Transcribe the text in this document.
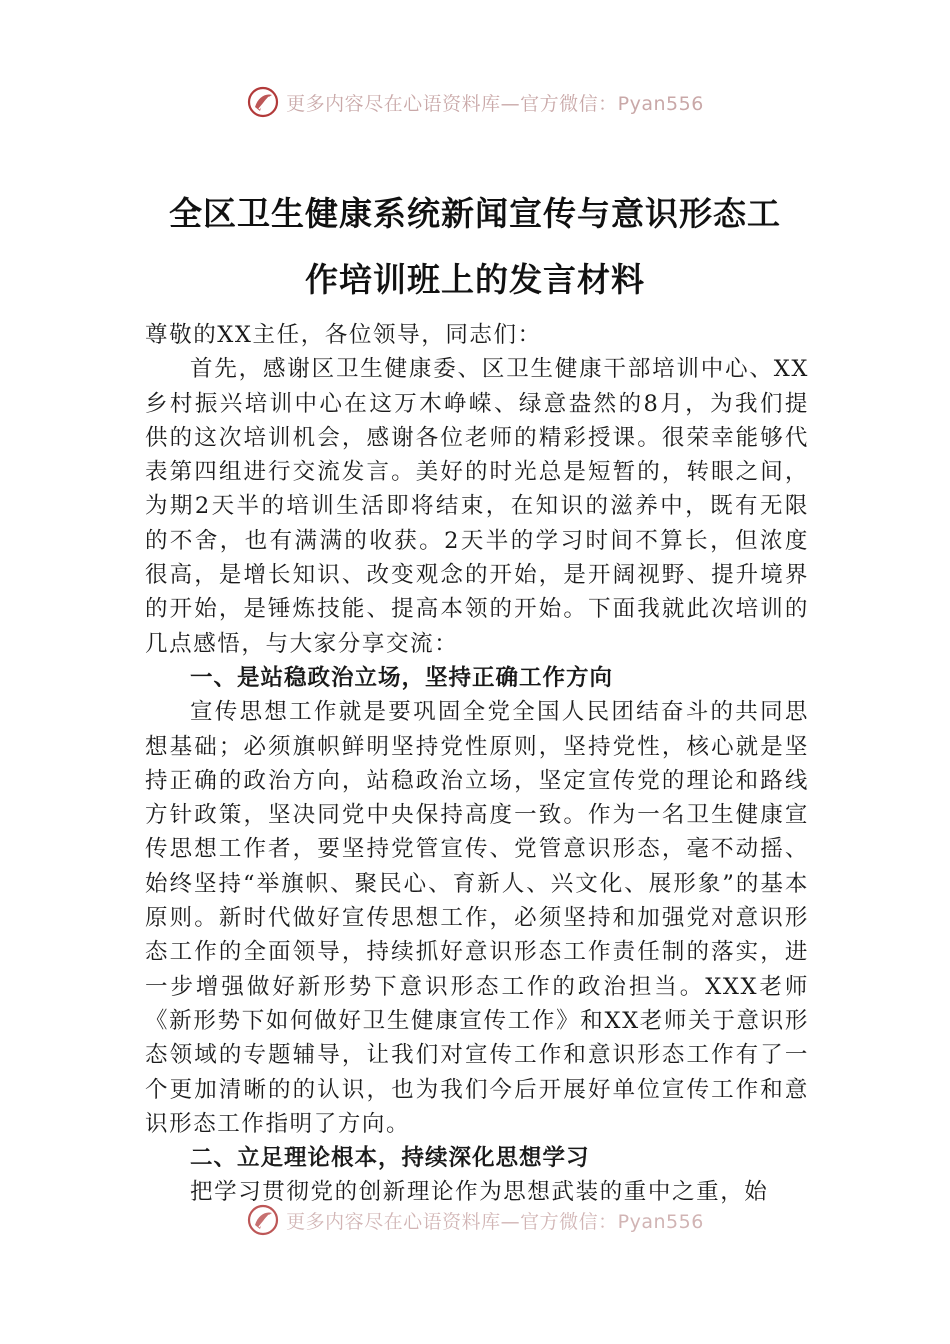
更多内容尽在心语资料库—官方微信：Pyan556
全区卫生健康系统新闻宣传与意识形态工
作培训班上的发言材料

尊敬的XX主任，各位领导，同志们：

首先，感谢区卫生健康委、区卫生健康干部培训中心、XX乡村振兴培训中心在这万木峥嵘、绿意盎然的8月，为我们提供的这次培训机会，感谢各位老师的精彩授课。很荣幸能够代表第四组进行交流发言。美好的时光总是短暂的，转眼之间，为期2天半的培训生活即将结束，在知识的滋养中，既有无限的不舍，也有满满的收获。2天半的学习时间不算长，但浓度很高，是增长知识、改变观念的开始，是开阔视野、提升境界的开始，是锤炼技能、提高本领的开始。下面我就此次培训的几点感悟，与大家分享交流：

一、是站稳政治立场，坚持正确工作方向

宣传思想工作就是要巩固全党全国人民团结奋斗的共同思想基础；必须旗帜鲜明坚持党性原则，坚持党性，核心就是坚持正确的政治方向，站稳政治立场，坚定宣传党的理论和路线方针政策，坚决同党中央保持高度一致。作为一名卫生健康宣传思想工作者，要坚持党管宣传、党管意识形态，毫不动摇、始终坚持“举旗帜、聚民心、育新人、兴文化、展形象”的基本原则。新时代做好宣传思想工作，必须坚持和加强党对意识形态工作的全面领导，持续抓好意识形态工作责任制的落实，进一步增强做好新形势下意识形态工作的政治担当。XXX老师《新形势下如何做好卫生健康宣传工作》和XX老师关于意识形态领域的专题辅导，让我们对宣传工作和意识形态工作有了一个更加清晰的的认识，也为我们今后开展好单位宣传工作和意识形态工作指明了方向。

二、立足理论根本，持续深化思想学习

把学习贯彻党的创新理论作为思想武装的重中之重，始

更多内容尽在心语资料库—官方微信：Pyan556
